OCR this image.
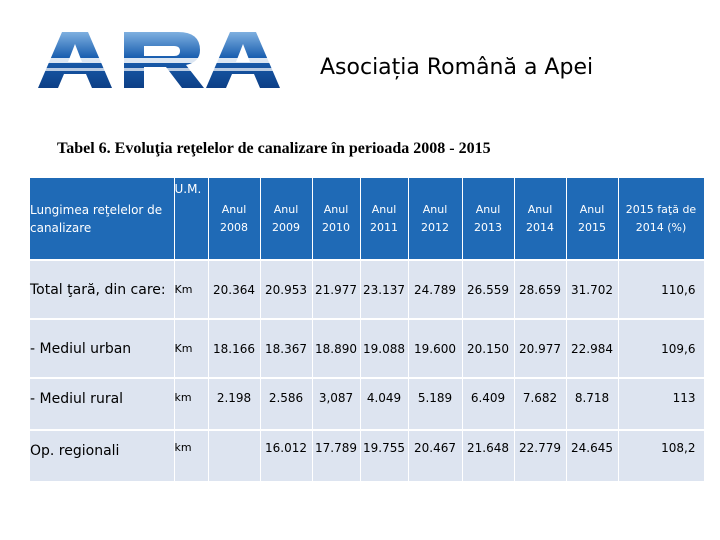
Asociația Română a Apei
Tabel 6. Evoluţia reţelelor de canalizare în perioada 2008 - 2015
Lungimea reţelelor de canalizare	U.M.	Anul 2008	Anul 2009	Anul 2010	Anul 2011	Anul 2012	Anul 2013	Anul 2014	Anul 2015	2015 faţă de 2014 (%)
Total ţară, din care:	Km	20.364	20.953	21.977	23.137	24.789	26.559	28.659	31.702	110,6
- Mediul urban	Km	18.166	18.367	18.890	19.088	19.600	20.150	20.977	22.984	109,6
- Mediul rural	km	2.198	2.586	3,087	4.049	5.189	6.409	7.682	8.718	113
Op. regionali	km		16.012	17.789	19.755	20.467	21.648	22.779	24.645	108,2
